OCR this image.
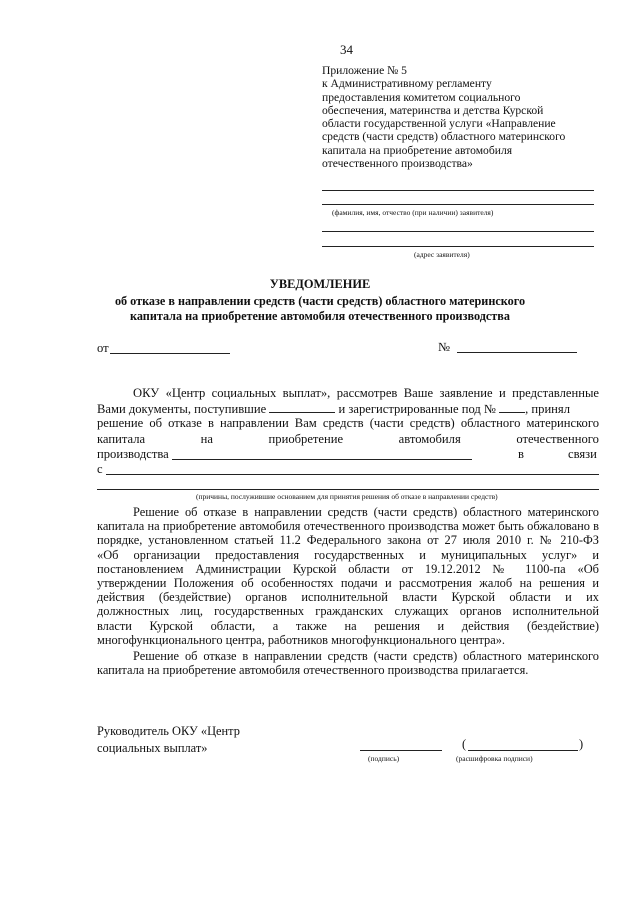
34
Приложение № 5
к Административному регламенту
предоставления комитетом социального
обеспечения, материнства и детства Курской
области государственной услуги «Направление
средств (части средств) областного материнского
капитала на приобретение автомобиля
отечественного производства»
(фамилия, имя, отчество (при наличии) заявителя)
(адрес заявителя)
УВЕДОМЛЕНИЕ
об отказе в направлении средств (части средств) областного материнского
капитала на приобретение автомобиля отечественного производства
от	№
ОКУ «Центр социальных выплат», рассмотрев Ваше заявление и представленные
Вами документы, поступившие	и зарегистрированные под № , принял
решение об отказе в направлении Вам средств (части средств) областного материнского
капитала	на	приобретение	автомобиля	отечественного
производства	в	связи
с
(причины, послужившие основанием для принятия решения об отказе в направлении средств)
Решение об отказе в направлении средств (части средств) областного материнского
капитала на приобретение автомобиля отечественного производства может быть обжаловано в
порядке, установленном статьей 11.2 Федерального закона от 27 июля 2010 г. № 210-ФЗ
«Об организации предоставления государственных и муниципальных услуг» и
постановлением Администрации Курской области от 19.12.2012 № 1100-па «Об
утверждении Положения об особенностях подачи и рассмотрения жалоб на решения и
действия (бездействие) органов исполнительной власти Курской области и их
должностных лиц, государственных гражданских служащих органов исполнительной
власти Курской области, а также на решения и действия (бездействие)
многофункционального центра, работников многофункционального центра».
Решение об отказе в направлении средств (части средств) областного материнского
капитала на приобретение автомобиля отечественного производства прилагается.
Руководитель ОКУ «Центр
социальных выплат»
(подпись)
(	)
(расшифровка подписи)
